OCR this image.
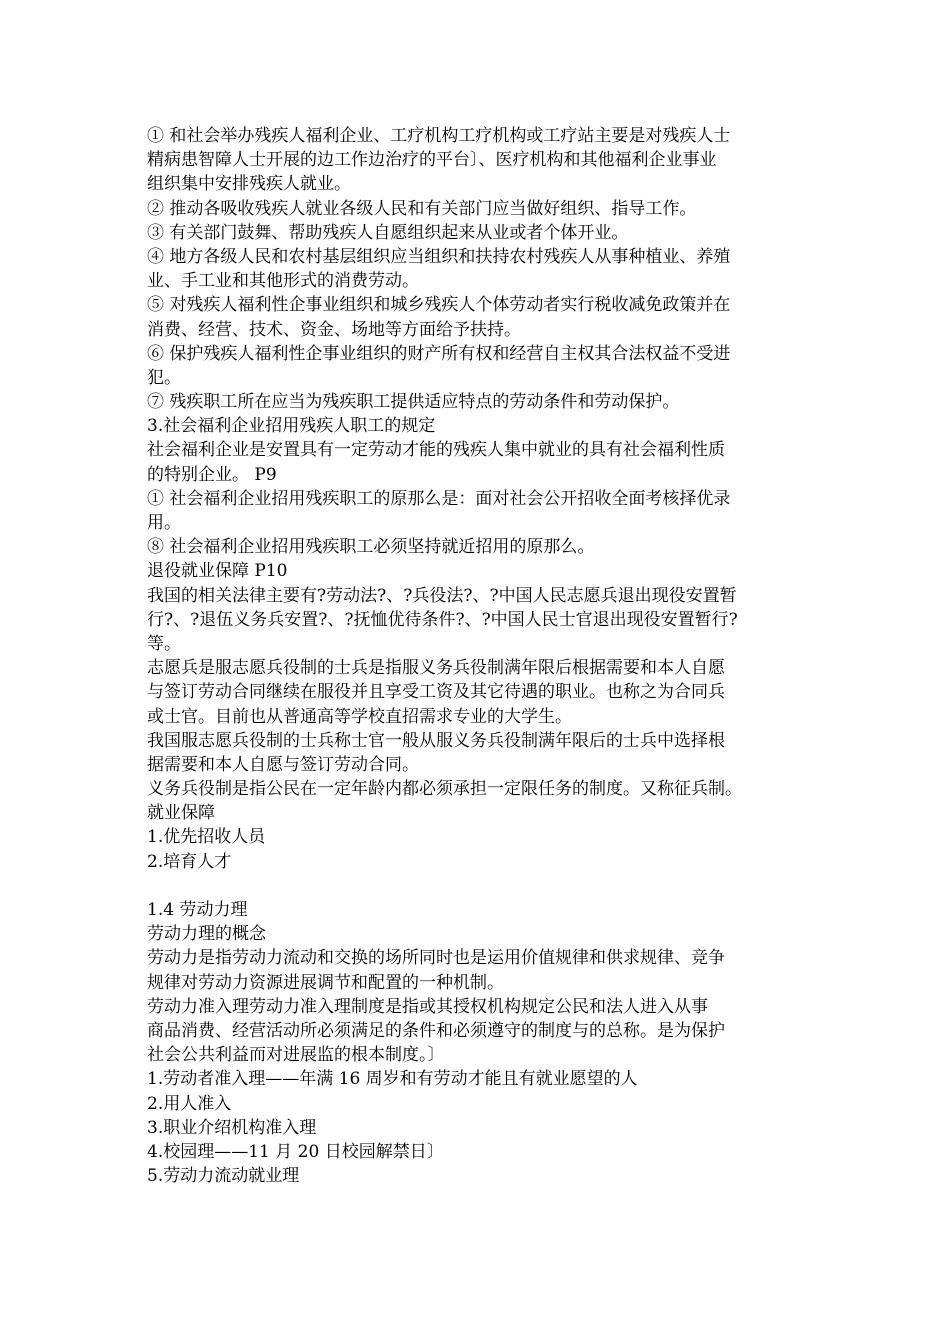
① 和社会举办残疾人福利企业、工疗机构工疗机构或工疗站主要是对残疾人士
精病患智障人士开展的边工作边治疗的平台〕、医疗机构和其他福利企业事业
组织集中安排残疾人就业。
② 推动各吸收残疾人就业各级人民和有关部门应当做好组织、指导工作。
③ 有关部门鼓舞、帮助残疾人自愿组织起来从业或者个体开业。
④ 地方各级人民和农村基层组织应当组织和扶持农村残疾人从事种植业、养殖
业、手工业和其他形式的消费劳动。
⑤ 对残疾人福利性企事业组织和城乡残疾人个体劳动者实行税收减免政策并在
消费、经营、技术、资金、场地等方面给予扶持。
⑥ 保护残疾人福利性企事业组织的财产所有权和经营自主权其合法权益不受进
犯。
⑦ 残疾职工所在应当为残疾职工提供适应特点的劳动条件和劳动保护。
3.社会福利企业招用残疾人职工的规定
社会福利企业是安置具有一定劳动才能的残疾人集中就业的具有社会福利性质
的特别企业。 P9
① 社会福利企业招用残疾职工的原那么是：面对社会公开招收全面考核择优录
用。
⑧ 社会福利企业招用残疾职工必须坚持就近招用的原那么。
退役就业保障 P10
我国的相关法律主要有?劳动法?、?兵役法?、?中国人民志愿兵退出现役安置暂
行?、?退伍义务兵安置?、?抚恤优待条件?、?中国人民士官退出现役安置暂行?
等。
志愿兵是服志愿兵役制的士兵是指服义务兵役制满年限后根据需要和本人自愿
与签订劳动合同继续在服役并且享受工资及其它待遇的职业。也称之为合同兵
或士官。目前也从普通高等学校直招需求专业的大学生。
我国服志愿兵役制的士兵称士官一般从服义务兵役制满年限后的士兵中选择根
据需要和本人自愿与签订劳动合同。
义务兵役制是指公民在一定年龄内都必须承担一定限任务的制度。又称征兵制。
就业保障
1.优先招收人员
2.培育人才
1.4 劳动力理
劳动力理的概念
劳动力是指劳动力流动和交换的场所同时也是运用价值规律和供求规律、竞争
规律对劳动力资源进展调节和配置的一种机制。
劳动力准入理劳动力准入理制度是指或其授权机构规定公民和法人进入从事
商品消费、经营活动所必须满足的条件和必须遵守的制度与的总称。是为保护
社会公共利益而对进展监的根本制度。〕
1.劳动者准入理——年满 16 周岁和有劳动才能且有就业愿望的人
2.用人准入
3.职业介绍机构准入理
4.校园理——11 月 20 日校园解禁日〕
5.劳动力流动就业理
